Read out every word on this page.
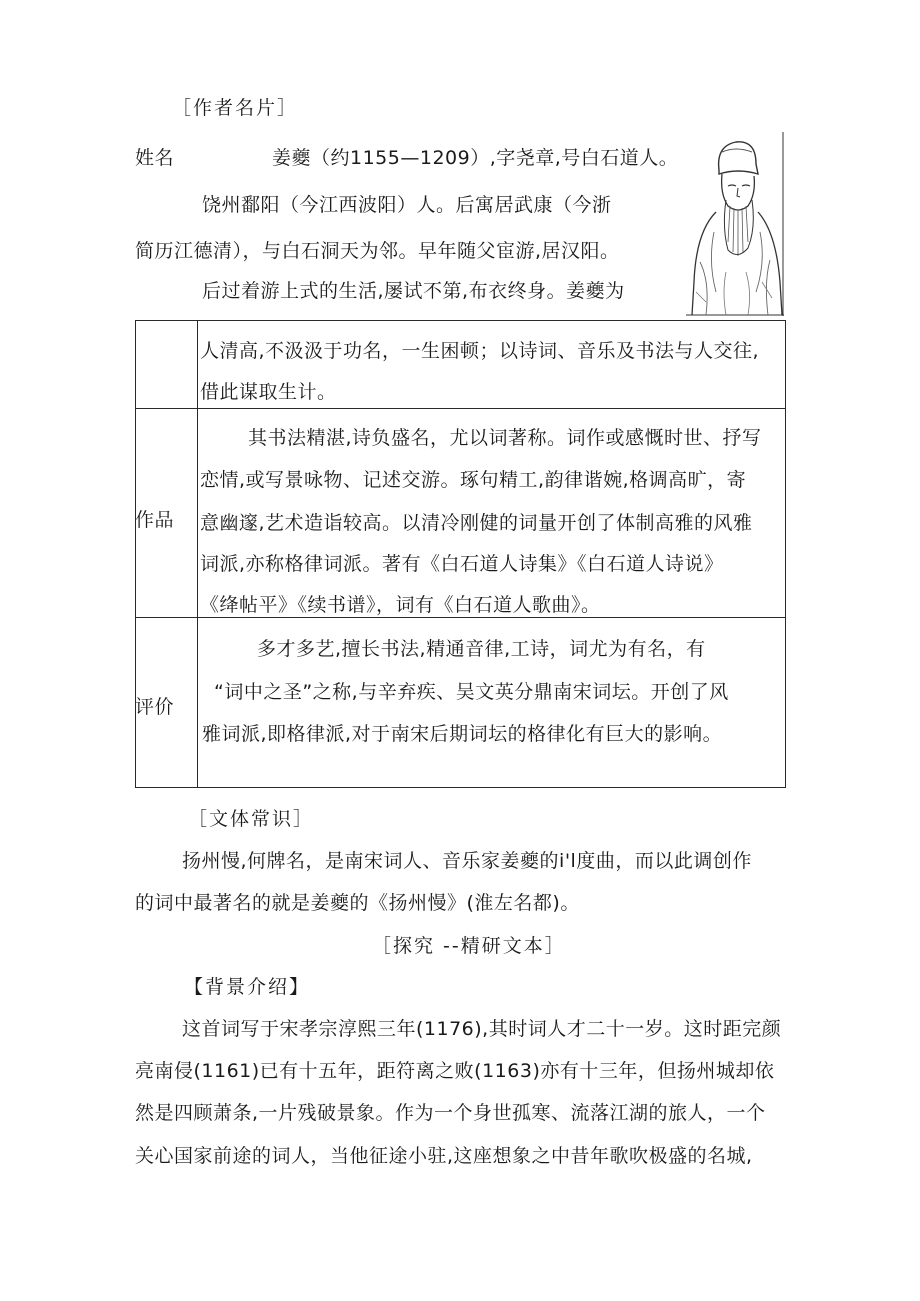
［作者名片］
姓名	姜夔（约1155—1209）,字尧章,号白石道人。
饶州鄱阳（今江西波阳）人。后寓居武康（今浙
简历江德清），与白石洞天为邻。早年随父宦游,居汉阳。
后过着游上式的生活,屡试不第,布衣终身。姜夔为
人清高,不汲汲于功名，一生困顿；以诗词、音乐及书法与人交往,
借此谋取生计。
作品
其书法精湛,诗负盛名，尤以词著称。词作或感慨时世、抒写
恋情,或写景咏物、记述交游。琢句精工,韵律谐婉,格调高旷，寄
意幽邃,艺术造诣较高。以清冷刚健的词量开创了体制高雅的风雅
词派,亦称格律词派。著有《白石道人诗集》《白石道人诗说》
《绛帖平》《续书谱》，词有《白石道人歌曲》。
评价
多才多艺,擅长书法,精通音律,工诗，词尤为有名，有
“词中之圣”之称,与辛弃疾、吴文英分鼎南宋词坛。开创了风
雅词派,即格律派,对于南宋后期词坛的格律化有巨大的影响。
［文体常识］
扬州慢,何牌名，是南宋词人、音乐家姜夔的i'l度曲，而以此调创作
的词中最著名的就是姜夔的《扬州慢》(淮左名都)。
［探究 --精研文本］
【背景介绍】
这首词写于宋孝宗淳熙三年(1176),其时词人才二十一岁。这时距完颜
亮南侵(1161)已有十五年，距符离之败(1163)亦有十三年，但扬州城却依
然是四顾萧条,一片残破景象。作为一个身世孤寒、流落江湖的旅人，一个
关心国家前途的词人，当他征途小驻,这座想象之中昔年歌吹极盛的名城,
